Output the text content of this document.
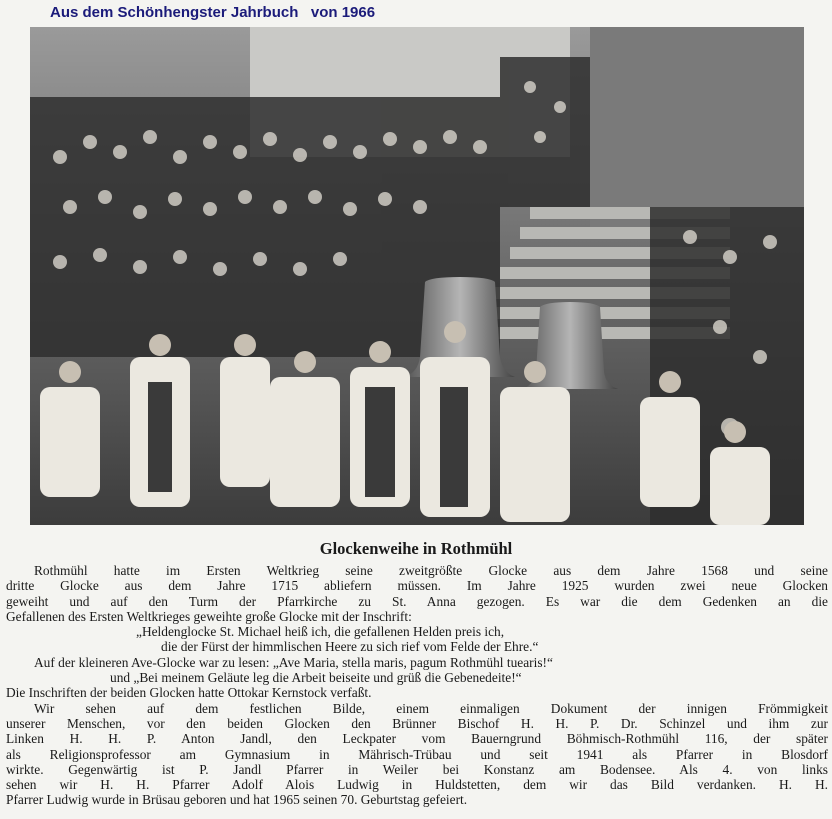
Aus dem Schönhengster Jahrbuch   von 1966
Glockenweihe in Rothmühl
Rothmühl hatte im Ersten Weltkrieg seine zweitgrößte Glocke aus dem Jahre 1568 und seine
dritte Glocke aus dem Jahre 1715 abliefern müssen. Im Jahre 1925 wurden zwei neue Glocken
geweiht und auf den Turm der Pfarrkirche zu St. Anna gezogen. Es war die dem Gedenken an die
Gefallenen des Ersten Weltkrieges geweihte große Glocke mit der Inschrift:
„Heldenglocke St. Michael heiß ich, die gefallenen Helden preis ich,
die der Fürst der himmlischen Heere zu sich rief vom Felde der Ehre.“
Auf der kleineren Ave-Glocke war zu lesen: „Ave Maria, stella maris, pagum Rothmühl tuearis!“
und „Bei meinem Geläute leg die Arbeit beiseite und grüß die Gebenedeite!“
Die Inschriften der beiden Glocken hatte Ottokar Kernstock verfaßt.
Wir sehen auf dem festlichen Bilde, einem einmaligen Dokument der innigen Frömmigkeit
unserer Menschen, vor den beiden Glocken den Brünner Bischof H. H. P. Dr. Schinzel und ihm zur
Linken H. H. P. Anton Jandl, den Leckpater vom Bauerngrund Böhmisch-Rothmühl 116, der später
als Religionsprofessor am Gymnasium in Mährisch-Trübau und seit 1941 als Pfarrer in Blosdorf
wirkte. Gegenwärtig ist P. Jandl Pfarrer in Weiler bei Konstanz am Bodensee. Als 4. von links
sehen wir H. H. Pfarrer Adolf Alois Ludwig in Huldstetten, dem wir das Bild verdanken. H. H.
Pfarrer Ludwig wurde in Brüsau geboren und hat 1965 seinen 70. Geburtstag gefeiert.
